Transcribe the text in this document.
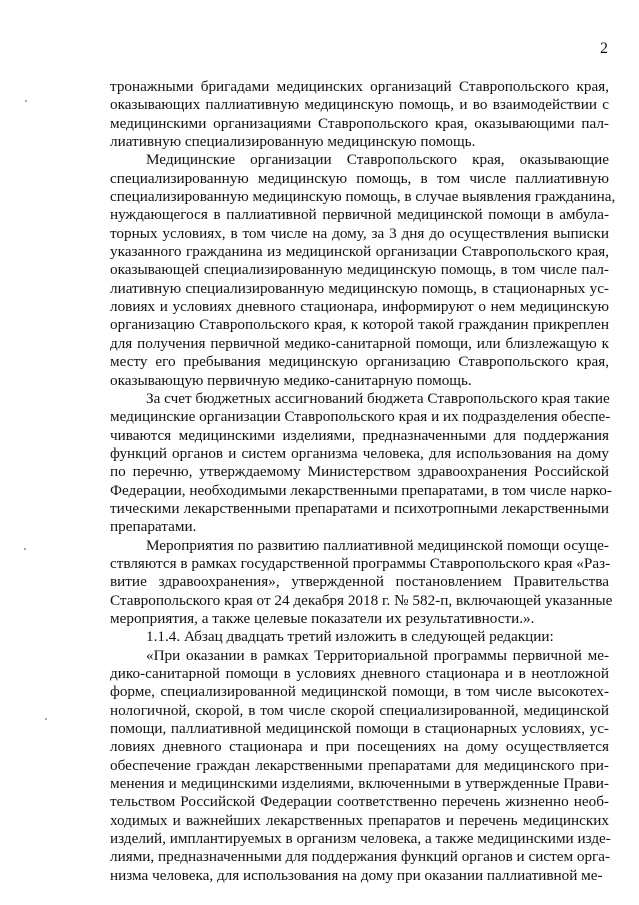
2
тронажными бригадами медицинских организаций Ставропольского края,
оказывающих паллиативную медицинскую помощь, и во взаимодействии с
медицинскими организациями Ставропольского края, оказывающими пал-
лиативную специализированную медицинскую помощь.
Медицинские организации Ставропольского края, оказывающие
специализированную медицинскую помощь, в том числе паллиативную
специализированную медицинскую помощь, в случае выявления гражданина,
нуждающегося в паллиативной первичной медицинской помощи в амбула-
торных условиях, в том числе на дому, за 3 дня до осуществления выписки
указанного гражданина из медицинской организации Ставропольского края,
оказывающей специализированную медицинскую помощь, в том числе пал-
лиативную специализированную медицинскую помощь, в стационарных ус-
ловиях и условиях дневного стационара, информируют о нем медицинскую
организацию Ставропольского края, к которой такой гражданин прикреплен
для получения первичной медико-санитарной помощи, или близлежащую к
месту его пребывания медицинскую организацию Ставропольского края,
оказывающую первичную медико-санитарную помощь.
За счет бюджетных ассигнований бюджета Ставропольского края такие
медицинские организации Ставропольского края и их подразделения обеспе-
чиваются медицинскими изделиями, предназначенными для поддержания
функций органов и систем организма человека, для использования на дому
по перечню, утверждаемому Министерством здравоохранения Российской
Федерации, необходимыми лекарственными препаратами, в том числе нарко-
тическими лекарственными препаратами и психотропными лекарственными
препаратами.
Мероприятия по развитию паллиативной медицинской помощи осуще-
ствляются в рамках государственной программы Ставропольского края «Раз-
витие здравоохранения», утвержденной постановлением Правительства
Ставропольского края от 24 декабря 2018 г. № 582-п, включающей указанные
мероприятия, а также целевые показатели их результативности.».
1.1.4. Абзац двадцать третий изложить в следующей редакции:
«При оказании в рамках Территориальной программы первичной ме-
дико-санитарной помощи в условиях дневного стационара и в неотложной
форме, специализированной медицинской помощи, в том числе высокотех-
нологичной, скорой, в том числе скорой специализированной, медицинской
помощи, паллиативной медицинской помощи в стационарных условиях, ус-
ловиях дневного стационара и при посещениях на дому осуществляется
обеспечение граждан лекарственными препаратами для медицинского при-
менения и медицинскими изделиями, включенными в утвержденные Прави-
тельством Российской Федерации соответственно перечень жизненно необ-
ходимых и важнейших лекарственных препаратов и перечень медицинских
изделий, имплантируемых в организм человека, а также медицинскими изде-
лиями, предназначенными для поддержания функций органов и систем орга-
низма человека, для использования на дому при оказании паллиативной ме-
